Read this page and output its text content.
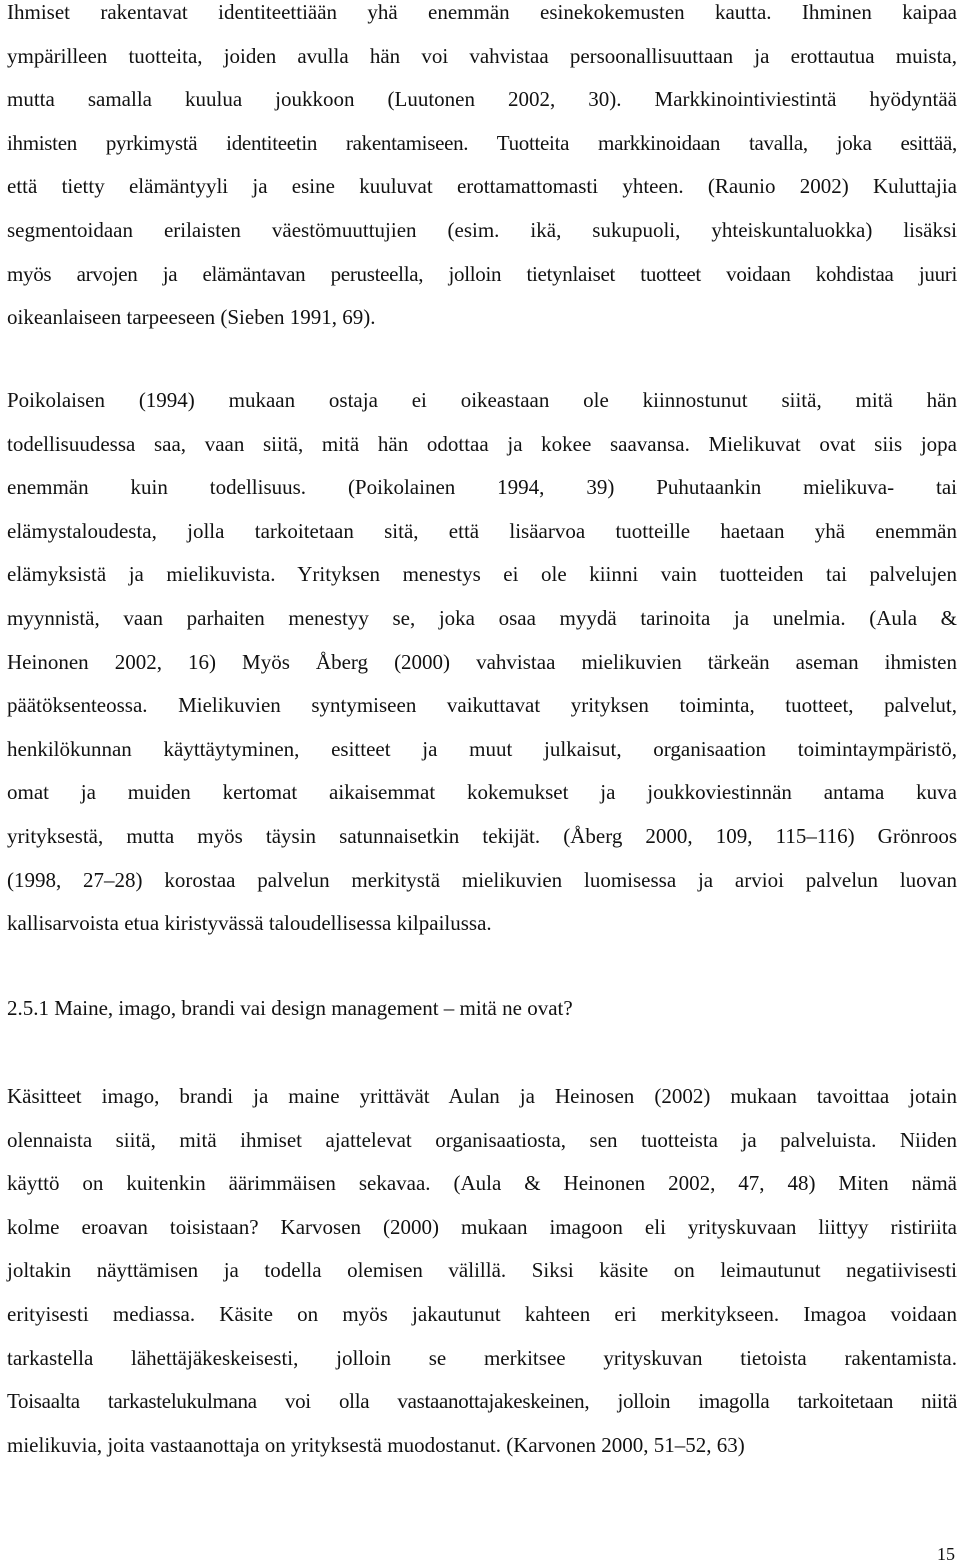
Ihmiset rakentavat identiteettiään yhä enemmän esinekokemusten kautta. Ihminen kaipaa
ympärilleen tuotteita, joiden avulla hän voi vahvistaa persoonallisuuttaan ja erottautua muista,
mutta samalla kuulua joukkoon (Luutonen 2002, 30). Markkinointiviestintä hyödyntää
ihmisten pyrkimystä identiteetin rakentamiseen. Tuotteita markkinoidaan tavalla, joka esittää,
että tietty elämäntyyli ja esine kuuluvat erottamattomasti yhteen. (Raunio 2002) Kuluttajia
segmentoidaan erilaisten väestömuuttujien (esim. ikä, sukupuoli, yhteiskuntaluokka) lisäksi
myös arvojen ja elämäntavan perusteella, jolloin tietynlaiset tuotteet voidaan kohdistaa juuri
oikeanlaiseen tarpeeseen (Sieben 1991, 69).
Poikolaisen (1994) mukaan ostaja ei oikeastaan ole kiinnostunut siitä, mitä hän
todellisuudessa saa, vaan siitä, mitä hän odottaa ja kokee saavansa. Mielikuvat ovat siis jopa
enemmän kuin todellisuus. (Poikolainen 1994, 39) Puhutaankin mielikuva- tai
elämystaloudesta, jolla tarkoitetaan sitä, että lisäarvoa tuotteille haetaan yhä enemmän
elämyksistä ja mielikuvista. Yrityksen menestys ei ole kiinni vain tuotteiden tai palvelujen
myynnistä, vaan parhaiten menestyy se, joka osaa myydä tarinoita ja unelmia. (Aula &
Heinonen 2002, 16) Myös Åberg (2000) vahvistaa mielikuvien tärkeän aseman ihmisten
päätöksenteossa. Mielikuvien syntymiseen vaikuttavat yrityksen toiminta, tuotteet, palvelut,
henkilökunnan käyttäytyminen, esitteet ja muut julkaisut, organisaation toimintaympäristö,
omat ja muiden kertomat aikaisemmat kokemukset ja joukkoviestinnän antama kuva
yrityksestä, mutta myös täysin satunnaisetkin tekijät. (Åberg 2000, 109, 115–116) Grönroos
(1998, 27–28) korostaa palvelun merkitystä mielikuvien luomisessa ja arvioi palvelun luovan
kallisarvoista etua kiristyvässä taloudellisessa kilpailussa.
2.5.1 Maine, imago, brandi vai design management – mitä ne ovat?
Käsitteet imago, brandi ja maine yrittävät Aulan ja Heinosen (2002) mukaan tavoittaa jotain
olennaista siitä, mitä ihmiset ajattelevat organisaatiosta, sen tuotteista ja palveluista. Niiden
käyttö on kuitenkin äärimmäisen sekavaa. (Aula & Heinonen 2002, 47, 48) Miten nämä
kolme eroavan toisistaan? Karvosen (2000) mukaan imagoon eli yrityskuvaan liittyy ristiriita
joltakin näyttämisen ja todella olemisen välillä. Siksi käsite on leimautunut negatiivisesti
erityisesti mediassa. Käsite on myös jakautunut kahteen eri merkitykseen. Imagoa voidaan
tarkastella lähettäjäkeskeisesti, jolloin se merkitsee yrityskuvan tietoista rakentamista.
Toisaalta tarkastelukulmana voi olla vastaanottajakeskeinen, jolloin imagolla tarkoitetaan niitä
mielikuvia, joita vastaanottaja on yrityksestä muodostanut. (Karvonen 2000, 51–52, 63)
15
